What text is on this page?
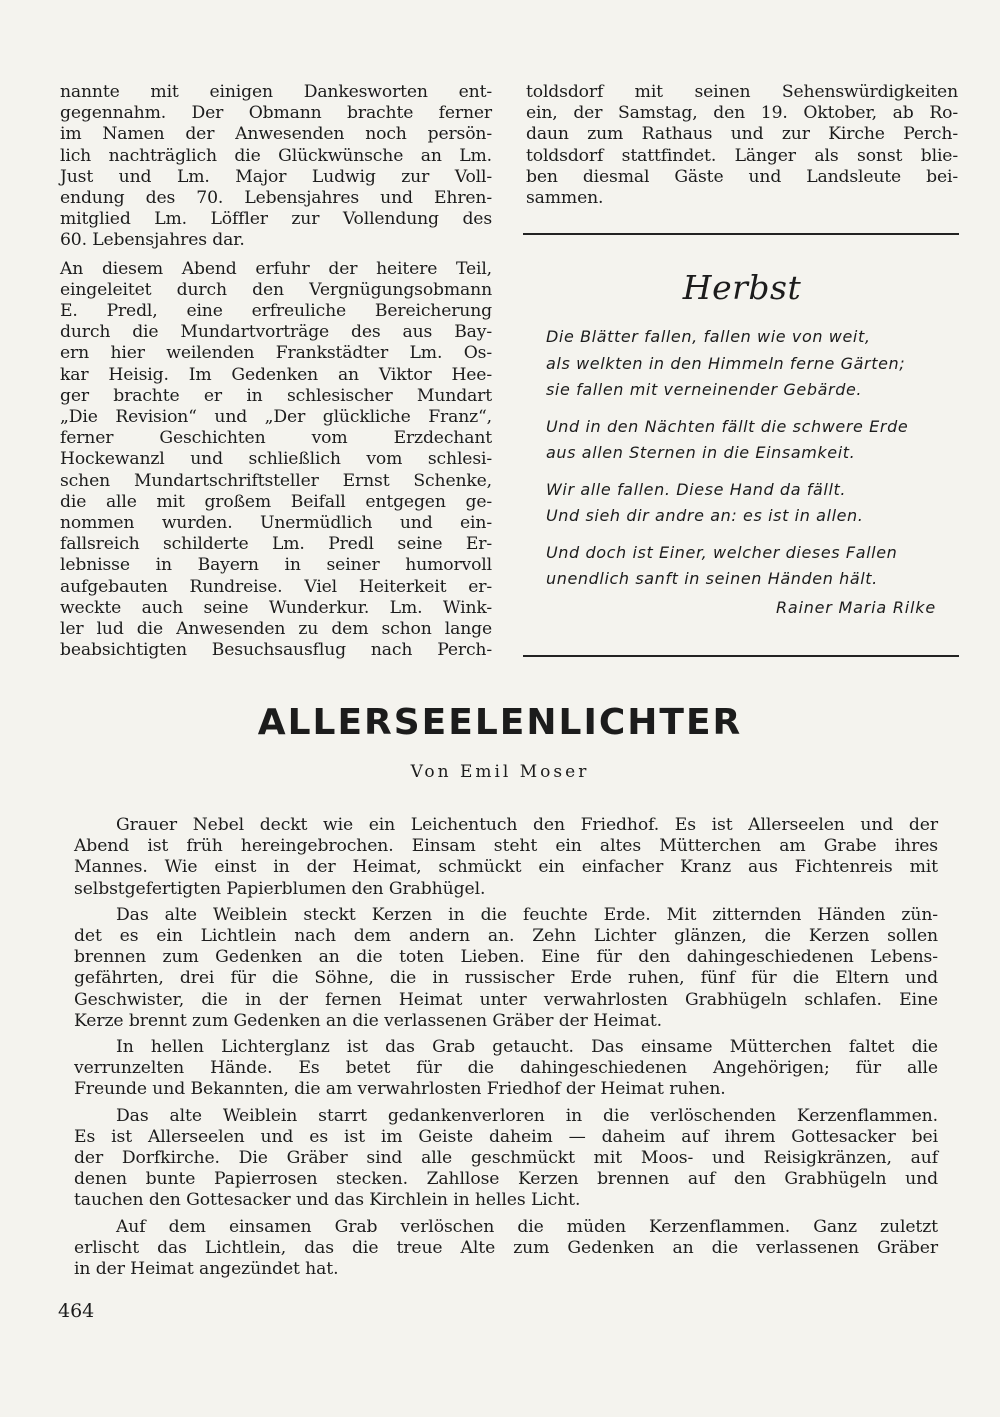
nannte mit einigen Dankesworten ent-
gegennahm. Der Obmann brachte ferner
im Namen der Anwesenden noch persön-
lich nachträglich die Glückwünsche an Lm.
Just und Lm. Major Ludwig zur Voll-
endung des 70. Lebensjahres und Ehren-
mitglied Lm. Löffler zur Vollendung des
60. Lebensjahres dar.

An diesem Abend erfuhr der heitere Teil,
eingeleitet durch den Vergnügungsobmann
E. Predl, eine erfreuliche Bereicherung
durch die Mundartvorträge des aus Bay-
ern hier weilenden Frankstädter Lm. Os-
kar Heisig. Im Gedenken an Viktor Hee-
ger brachte er in schlesischer Mundart
„Die Revision“ und „Der glückliche Franz“,
ferner Geschichten vom Erzdechant
Hockewanzl und schließlich vom schlesi-
schen Mundartschriftsteller Ernst Schenke,
die alle mit großem Beifall entgegen ge-
nommen wurden. Unermüdlich und ein-
fallsreich schilderte Lm. Predl seine Er-
lebnisse in Bayern in seiner humorvoll
aufgebauten Rundreise. Viel Heiterkeit er-
weckte auch seine Wunderkur. Lm. Wink-
ler lud die Anwesenden zu dem schon lange
beabsichtigten Besuchsausflug nach Perch-

toldsdorf mit seinen Sehenswürdigkeiten
ein, der Samstag, den 19. Oktober, ab Ro-
daun zum Rathaus und zur Kirche Perch-
toldsdorf stattfindet. Länger als sonst blie-
ben diesmal Gäste und Landsleute bei-
sammen.
Herbst
Die Blätter fallen, fallen wie von weit,
als welkten in den Himmeln ferne Gärten;
sie fallen mit verneinender Gebärde.
Und in den Nächten fällt die schwere Erde
aus allen Sternen in die Einsamkeit.
Wir alle fallen. Diese Hand da fällt.
Und sieh dir andre an: es ist in allen.
Und doch ist Einer, welcher dieses Fallen
unendlich sanft in seinen Händen hält.
Rainer Maria Rilke
ALLERSEELENLICHTER
Von Emil Moser

Grauer Nebel deckt wie ein Leichentuch den Friedhof. Es ist Allerseelen und der
Abend ist früh hereingebrochen. Einsam steht ein altes Mütterchen am Grabe ihres
Mannes. Wie einst in der Heimat, schmückt ein einfacher Kranz aus Fichtenreis mit
selbstgefertigten Papierblumen den Grabhügel.

Das alte Weiblein steckt Kerzen in die feuchte Erde. Mit zitternden Händen zün-
det es ein Lichtlein nach dem andern an. Zehn Lichter glänzen, die Kerzen sollen
brennen zum Gedenken an die toten Lieben. Eine für den dahingeschiedenen Lebens-
gefährten, drei für die Söhne, die in russischer Erde ruhen, fünf für die Eltern und
Geschwister, die in der fernen Heimat unter verwahrlosten Grabhügeln schlafen. Eine
Kerze brennt zum Gedenken an die verlassenen Gräber der Heimat.

In hellen Lichterglanz ist das Grab getaucht. Das einsame Mütterchen faltet die
verrunzelten Hände. Es betet für die dahingeschiedenen Angehörigen; für alle
Freunde und Bekannten, die am verwahrlosten Friedhof der Heimat ruhen.

Das alte Weiblein starrt gedankenverloren in die verlöschenden Kerzenflammen.
Es ist Allerseelen und es ist im Geiste daheim — daheim auf ihrem Gottesacker bei
der Dorfkirche. Die Gräber sind alle geschmückt mit Moos- und Reisigkränzen, auf
denen bunte Papierrosen stecken. Zahllose Kerzen brennen auf den Grabhügeln und
tauchen den Gottesacker und das Kirchlein in helles Licht.

Auf dem einsamen Grab verlöschen die müden Kerzenflammen. Ganz zuletzt
erlischt das Lichtlein, das die treue Alte zum Gedenken an die verlassenen Gräber
in der Heimat angezündet hat.

464
